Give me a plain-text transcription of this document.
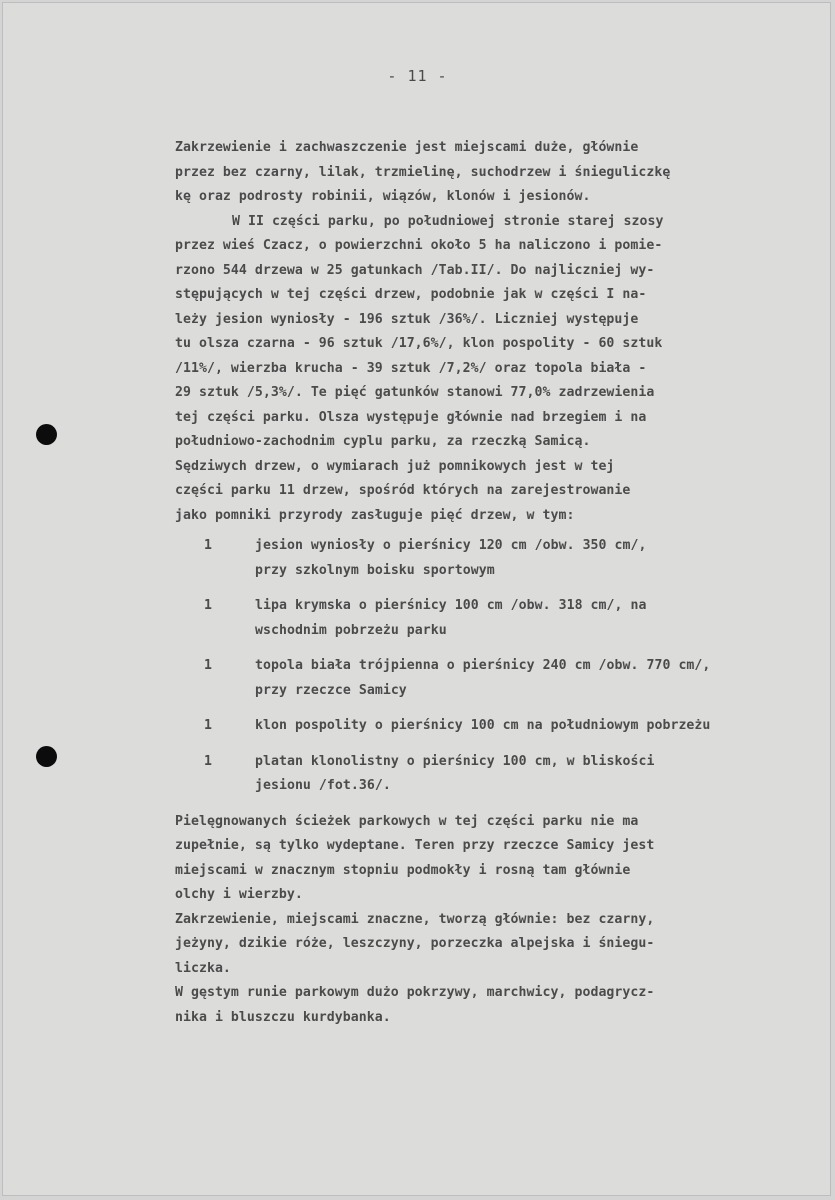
- 11 -

Zakrzewienie i zachwaszczenie jest miejscami duże, głównie

przez bez czarny, lilak, trzmielinę, suchodrzew i śnieguliczkę

kę oraz podrosty robinii, wiązów, klonów i jesionów.

W II części parku, po południowej stronie starej szosy

przez wieś Czacz, o powierzchni około 5 ha naliczono i pomie-

rzono 544 drzewa w 25 gatunkach /Tab.II/. Do najliczniej wy-

stępujących w tej części drzew, podobnie jak w części I na-

leży jesion wyniosły - 196 sztuk /36%/. Liczniej występuje

tu olsza czarna - 96 sztuk /17,6%/, klon pospolity - 60 sztuk

/11%/, wierzba krucha - 39 sztuk /7,2%/ oraz topola biała -

29 sztuk /5,3%/. Te pięć gatunków stanowi 77,0% zadrzewienia

tej części parku. Olsza występuje głównie nad brzegiem i na

południowo-zachodnim cyplu parku, za rzeczką Samicą.

Sędziwych drzew, o wymiarach już pomnikowych jest w tej

części parku 11 drzew, spośród których na zarejestrowanie

jako pomniki przyrody zasługuje pięć drzew, w tym:

1	jesion wyniosły o pierśnicy 120 cm /obw. 350 cm/,

przy szkolnym boisku sportowym

1	lipa krymska o pierśnicy 100 cm /obw. 318 cm/, na

wschodnim pobrzeżu parku

1	topola biała trójpienna o pierśnicy 240 cm /obw. 770 cm/,

przy rzeczce Samicy

1	klon pospolity o pierśnicy 100 cm na południowym pobrzeżu

1	platan klonolistny o pierśnicy 100 cm, w bliskości

jesionu /fot.36/.

Pielęgnowanych ścieżek parkowych w tej części parku nie ma

zupełnie, są tylko wydeptane. Teren przy rzeczce Samicy jest

miejscami w znacznym stopniu podmokły i rosną tam głównie

olchy i wierzby.

Zakrzewienie, miejscami znaczne, tworzą głównie: bez czarny,

jeżyny, dzikie róże, leszczyny, porzeczka alpejska i śniegu-

liczka.

W gęstym runie parkowym dużo pokrzywy, marchwicy, podagrycz-

nika i bluszczu kurdybanka.
